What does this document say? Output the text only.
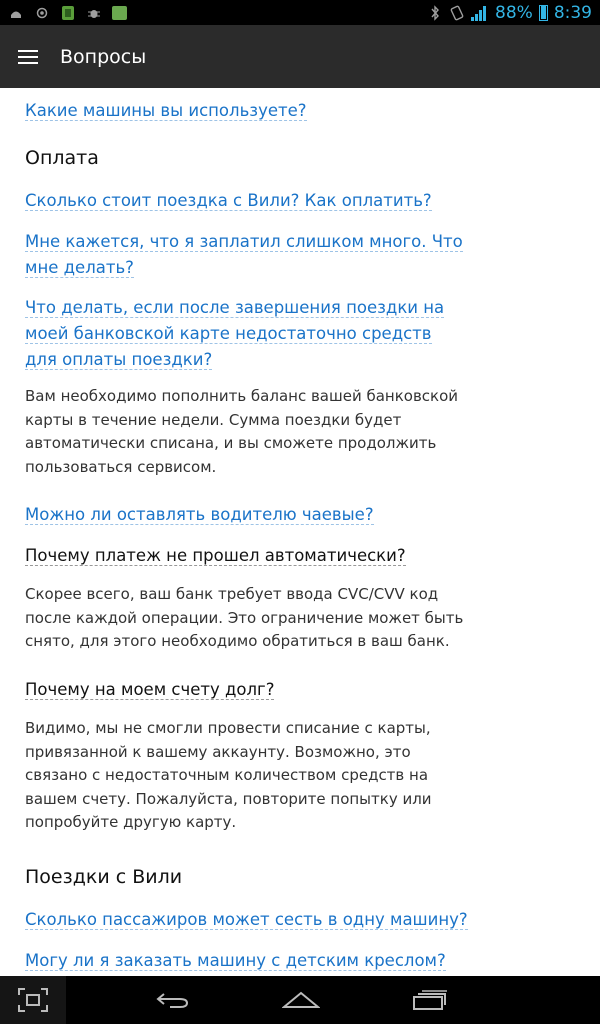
88% 8:39
Вопросы
Какие машины вы используете?
Оплата
Сколько стоит поездка с Вили? Как оплатить?
Мне кажется, что я заплатил слишком много. Что мне делать?
Что делать, если после завершения поездки на моей банковской карте недостаточно средств для оплаты поездки?
Вам необходимо пополнить баланс вашей банковской карты в течение недели. Сумма поездки будет автоматически списана, и вы сможете продолжить пользоваться сервисом.
Можно ли оставлять водителю чаевые?
Почему платеж не прошел автоматически?
Скорее всего, ваш банк требует ввода CVC/CVV код после каждой операции. Это ограничение может быть снято, для этого необходимо обратиться в ваш банк.
Почему на моем счету долг?
Видимо, мы не смогли провести списание с карты, привязанной к вашему аккаунту. Возможно, это связано с недостаточным количеством средств на вашем счету. Пожалуйста, повторите попытку или попробуйте другую карту.
Поездки с Вили
Сколько пассажиров может сесть в одну машину?
Могу ли я заказать машину с детским креслом?
